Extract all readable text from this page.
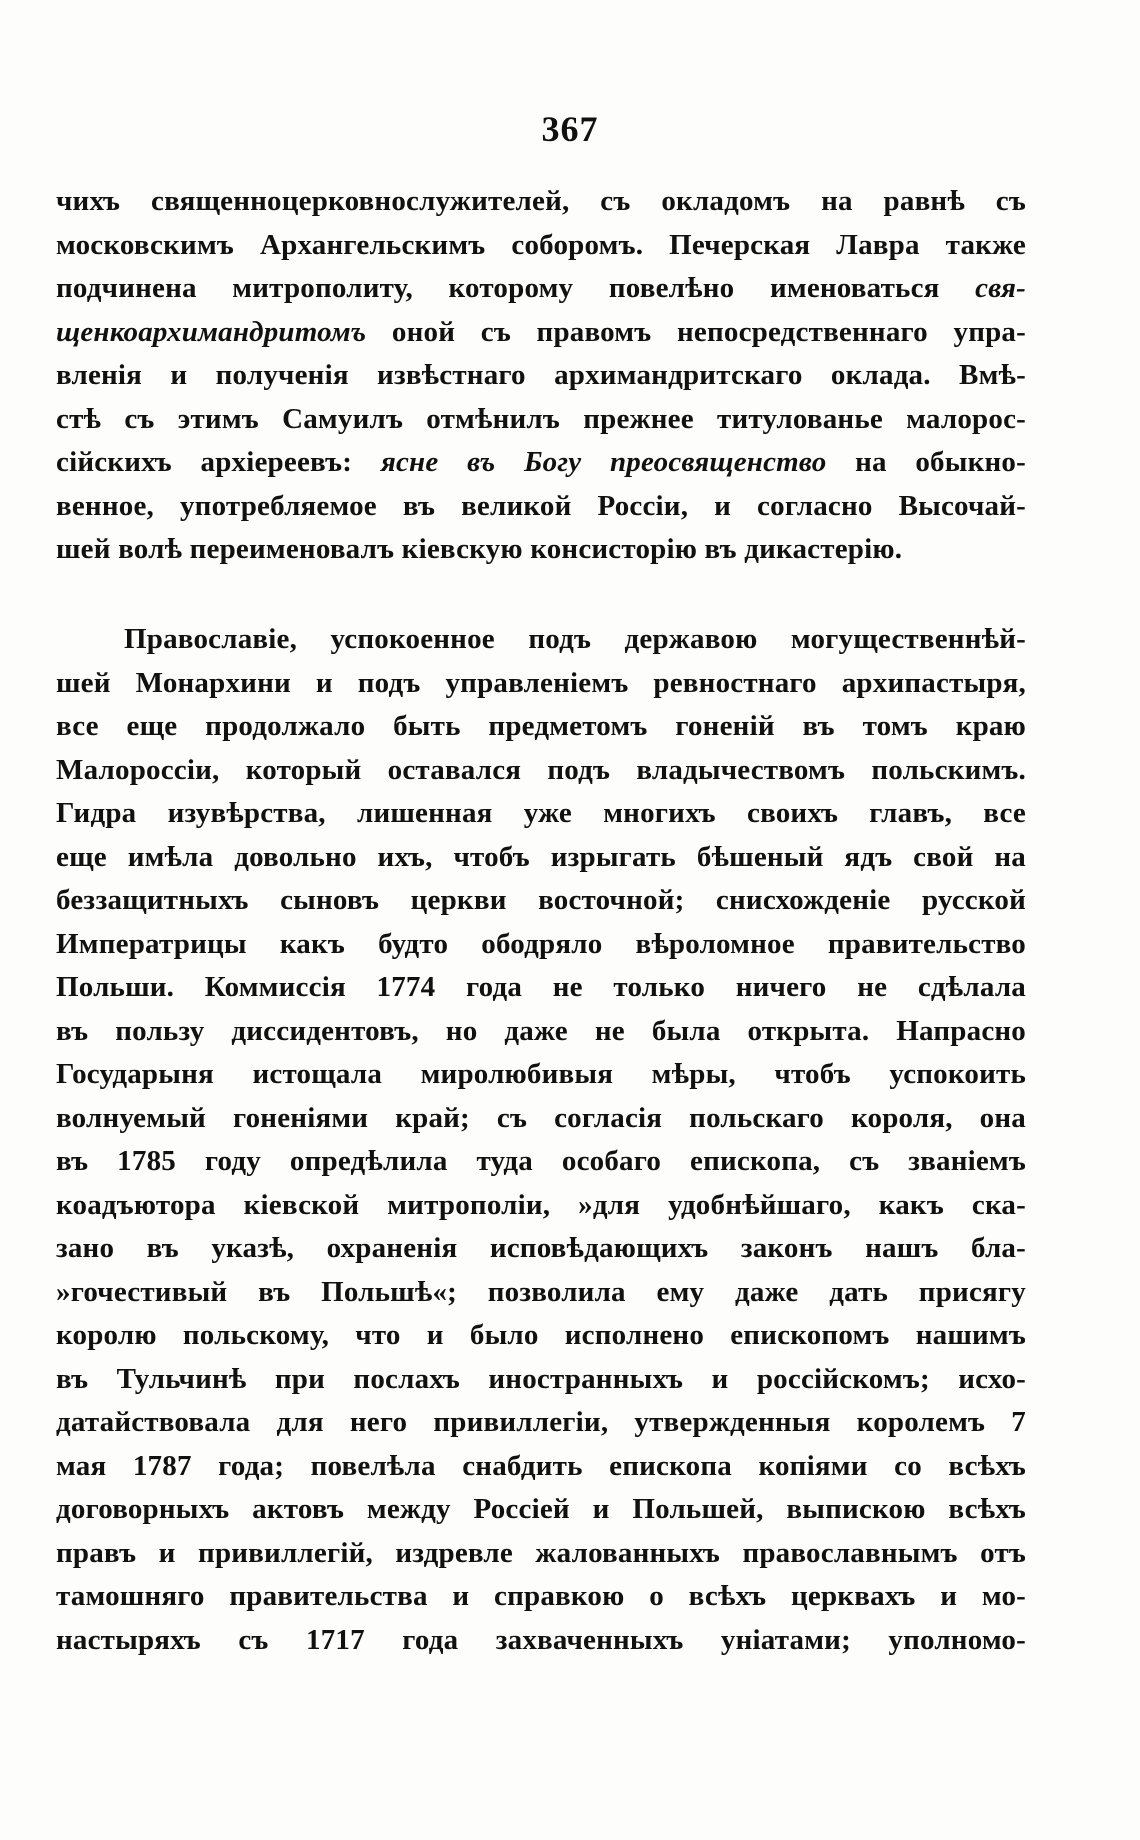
367
чихъ священноцерковнослужителей, съ окладомъ на равнѣ съ
московскимъ Архангельскимъ соборомъ. Печерская Лавра также
подчинена митрополиту, которому повелѣно именоваться свя-
щенкоархимандритомъ оной съ правомъ непосредственнаго упра-
вленія и полученія извѣстнаго архимандритскаго оклада. Вмѣ-
стѣ съ этимъ Самуилъ отмѣнилъ прежнее титулованье малорос-
сійскихъ архіереевъ: ясне въ Богу преосвященство на обыкно-
венное, употребляемое въ великой Россіи, и согласно Высочай-
шей волѣ переименовалъ кіевскую консисторію въ дикастерію.
Православіе, успокоенное подъ державою могущественнѣй-
шей Монархини и подъ управленіемъ ревностнаго архипастыря,
все еще продолжало быть предметомъ гоненій въ томъ краю
Малороссіи, который оставался подъ владычествомъ польскимъ.
Гидра изувѣрства, лишенная уже многихъ своихъ главъ, все
еще имѣла довольно ихъ, чтобъ изрыгать бѣшеный ядъ свой на
беззащитныхъ сыновъ церкви восточной; снисхожденіе русской
Императрицы какъ будто ободряло вѣроломное правительство
Польши. Коммиссія 1774 года не только ничего не сдѣлала
въ пользу диссидентовъ, но даже не была открыта. Напрасно
Государыня истощала миролюбивыя мѣры, чтобъ успокоить
волнуемый гоненіями край; съ согласія польскаго короля, она
въ 1785 году опредѣлила туда особаго епископа, съ званіемъ
коадъютора кіевской митрополіи, »для удобнѣйшаго, какъ ска-
зано въ указѣ, охраненія исповѣдающихъ законъ нашъ бла-
»гочестивый въ Польшѣ«; позволила ему даже дать присягу
королю польскому, что и было исполнено епископомъ нашимъ
въ Тульчинѣ при послахъ иностранныхъ и россійскомъ; исхо-
датайствовала для него привиллегіи, утвержденныя королемъ 7
мая 1787 года; повелѣла снабдить епископа копіями со всѣхъ
договорныхъ актовъ между Россіей и Польшей, выпискою всѣхъ
правъ и привиллегій, издревле жалованныхъ православнымъ отъ
тамошняго правительства и справкою о всѣхъ церквахъ и мо-
настыряхъ съ 1717 года захваченныхъ уніатами; уполномо-
